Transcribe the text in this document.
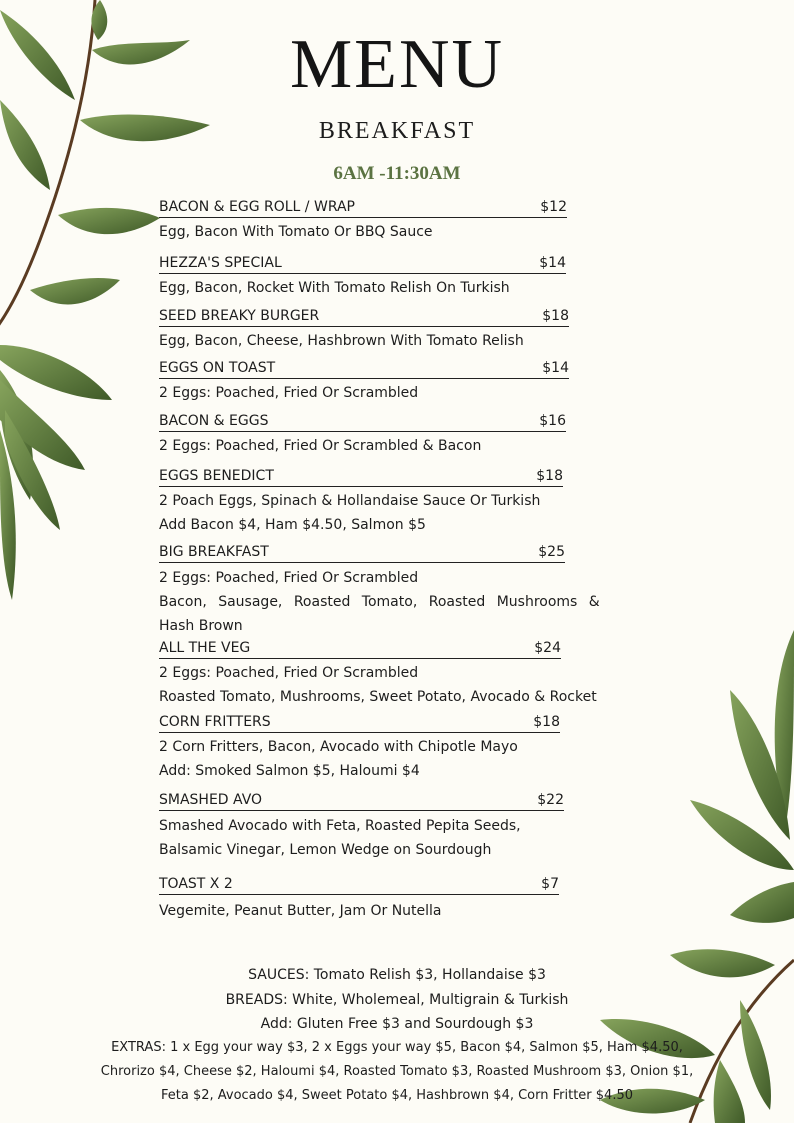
MENU
BREAKFAST
6AM -11:30AM
BACON & EGG ROLL / WRAP	$12
Egg, Bacon With Tomato Or BBQ Sauce
HEZZA'S SPECIAL	$14
Egg, Bacon, Rocket With Tomato Relish On Turkish
SEED BREAKY BURGER	$18
Egg, Bacon, Cheese, Hashbrown With Tomato Relish
EGGS ON TOAST	$14
2 Eggs: Poached, Fried Or Scrambled
BACON & EGGS	$16
2 Eggs: Poached, Fried Or Scrambled & Bacon
EGGS BENEDICT	$18
2 Poach Eggs, Spinach & Hollandaise Sauce Or Turkish
Add Bacon $4, Ham $4.50, Salmon $5
BIG BREAKFAST	$25
2 Eggs: Poached, Fried Or Scrambled
Bacon, Sausage, Roasted Tomato, Roasted Mushrooms &
Hash Brown
ALL THE VEG	$24
2 Eggs: Poached, Fried Or Scrambled
Roasted Tomato, Mushrooms, Sweet Potato, Avocado & Rocket
CORN FRITTERS	$18
2 Corn Fritters, Bacon, Avocado with Chipotle Mayo
Add: Smoked Salmon $5, Haloumi $4
SMASHED AVO	$22
Smashed Avocado with Feta, Roasted Pepita Seeds,
Balsamic Vinegar, Lemon Wedge on Sourdough
TOAST X 2	$7
Vegemite, Peanut Butter, Jam Or Nutella
SAUCES: Tomato Relish $3, Hollandaise $3
BREADS: White, Wholemeal, Multigrain & Turkish
Add: Gluten Free $3 and Sourdough $3
EXTRAS: 1 x Egg your way $3, 2 x Eggs your way $5, Bacon $4, Salmon $5, Ham $4.50,
Chrorizo $4, Cheese $2, Haloumi $4, Roasted Tomato $3, Roasted Mushroom $3, Onion $1,
Feta $2, Avocado $4, Sweet Potato $4, Hashbrown $4, Corn Fritter $4.50
